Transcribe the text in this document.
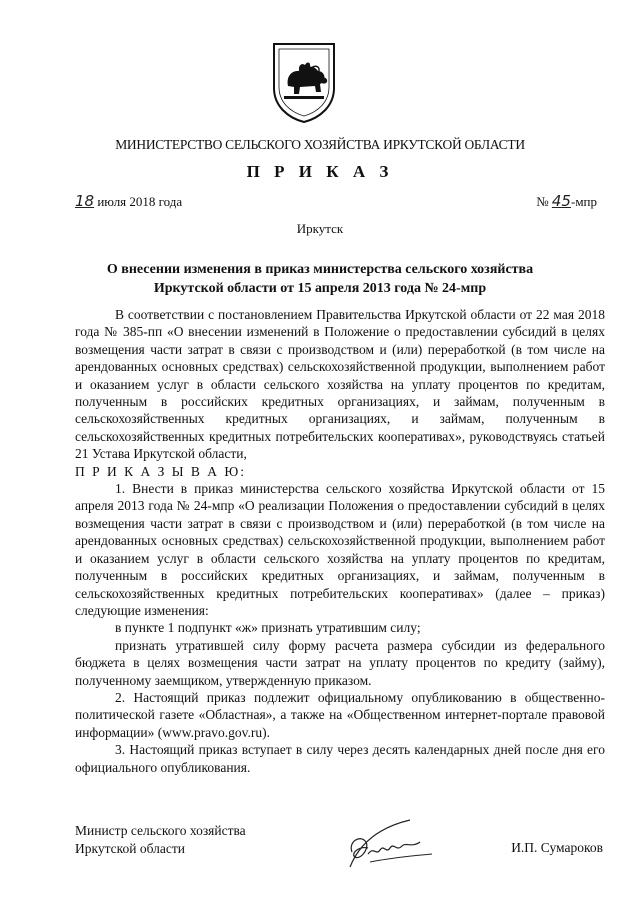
МИНИСТЕРСТВО СЕЛЬСКОГО ХОЗЯЙСТВА ИРКУТСКОЙ ОБЛАСТИ
П Р И К А З
18 июля 2018 года	№ 45-мпр
Иркутск
О внесении изменения в приказ министерства сельского хозяйства
Иркутской области от 15 апреля 2013 года № 24-мпр

В соответствии с постановлением Правительства Иркутской области от 22 мая 2018 года № 385-пп «О внесении изменений в Положение о предоставлении субсидий в целях возмещения части затрат в связи с производством и (или) переработкой (в том числе на арендованных основных средствах) сельскохозяйственной продукции, выполнением работ и оказанием услуг в области сельского хозяйства на уплату процентов по кредитам, полученным в российских кредитных организациях, и займам, полученным в сельскохозяйственных кредитных организациях, и займам, полученным в сельскохозяйственных кредитных потребительских кооперативах», руководствуясь статьей 21 Устава Иркутской области,

П Р И К А З Ы В А Ю:

1. Внести в приказ министерства сельского хозяйства Иркутской области от 15 апреля 2013 года № 24-мпр «О реализации Положения о предоставлении субсидий в целях возмещения части затрат в связи с производством и (или) переработкой (в том числе на арендованных основных средствах) сельскохозяйственной продукции, выполнением работ и оказанием услуг в области сельского хозяйства на уплату процентов по кредитам, полученным в российских кредитных организациях, и займам, полученным в сельскохозяйственных кредитных потребительских кооперативах» (далее – приказ) следующие изменения:

в пункте 1 подпункт «ж» признать утратившим силу;

признать утратившей силу форму расчета размера субсидии из федерального бюджета в целях возмещения части затрат на уплату процентов по кредиту (займу), полученному заемщиком, утвержденную приказом.

2. Настоящий приказ подлежит официальному опубликованию в общественно-политической газете «Областная», а также на «Общественном интернет-портале правовой информации» (www.pravo.gov.ru).

3. Настоящий приказ вступает в силу через десять календарных дней после дня его официального опубликования.

Министр сельского хозяйства
Иркутской области	И.П. Сумароков
